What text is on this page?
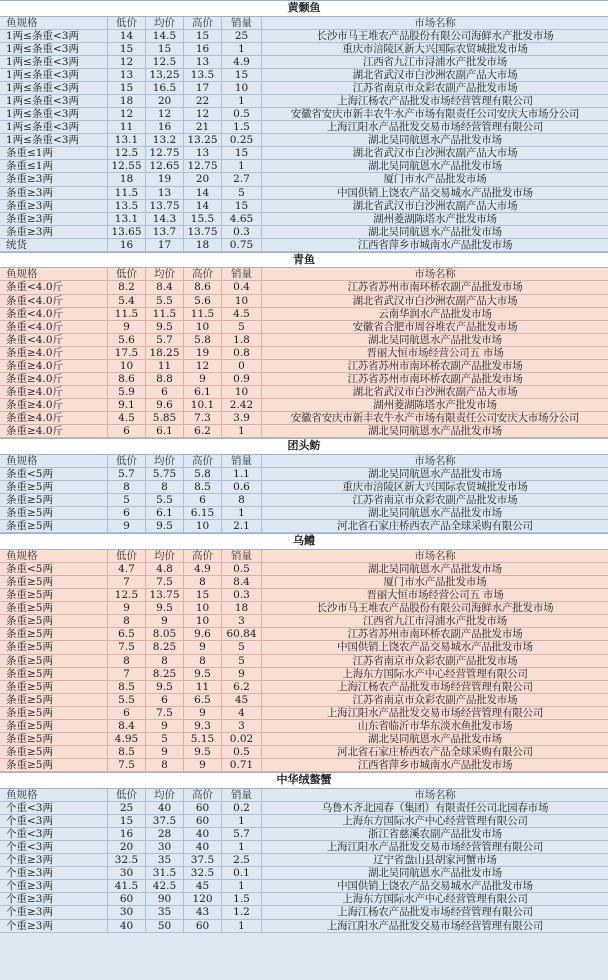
黄颡鱼
鱼规格	低价	均价	高价	销量	市场名称
1两≤条重<3两	14	14.5	15	25	长沙市马王堆农产品股份有限公司海鲜水产批发市场
1两≤条重<3两	15	15	16	1	重庆市涪陵区新大兴国际农贸城批发市场
1两≤条重<3两	12	12.5	13	4.9	江西省九江市浔浦水产批发市场
1两≤条重<3两	13	13.25	13.5	15	湖北省武汉市白沙洲农副产品大市场
1两≤条重<3两	15	16.5	17	10	江苏省南京市众彩农副产品批发市场
1两≤条重<3两	18	20	22	1	上海江杨农产品批发市场经营管理有限公司
1两≤条重<3两	12	12	12	0.5	安徽省安庆市新丰农牛水产市场有限责任公司安庆大市场分公司
1两≤条重<3两	11	16	21	1.5	上海江阳水产品批发交易市场经营管理有限公司
1两≤条重<3两	13.1	13.2	13.25	0.25	湖北吴同航恩水产品批发市场
条重≤1两	12.5	12.75	13	15	湖北省武汉市白沙洲农副产品大市场
条重≤1两	12.55 12.65 12.75	1	湖北吴同航恩水产品批发市场
条重≥3两	18	19	20	2.7	厦门市水产品批发市场
条重≥3两	11.5	13	14	5	中国供销上饶农产品交易城水产品批发市场
条重≥3两	13.5	13.75	14	15	湖北省武汉市白沙洲农副产品大市场
条重≥3两	13.1	14.3	15.5	4.65	湖州菱湖陈塔水产批发市场
条重≥3两	13.65	13.7	13.75	0.3	湖北吴同航恩水产品批发市场
统货	16	17	18	0.75	江西省萍乡市城南水产品批发市场
青鱼
鱼规格	低价	均价	高价	销量	市场名称
条重<4.0斤	8.2	8.4	8.6	0.4	江苏省苏州市南环桥农副产品批发市场
条重<4.0斤	5.4	5.5	5.6	10	湖北省武汉市白沙洲农副产品大市场
条重<4.0斤	11.5	11.5	11.5	4.5	云南华润水产品批发市场
条重<4.0斤	9	9.5	10	5	安徽省合肥市周谷堆农产品批发市场
条重<4.0斤	5.6	5.7	5.8	1.8	湖北吴同航恩水产品批发市场
条重≥4.0斤	17.5	18.25	19	0.8	晋丽大恒市场经营公司五 市场
条重≥4.0斤	10	11	12	0	江苏省苏州市南环桥农副产品批发市场
条重≥4.0斤	8.6	8.8	9	0.9	江苏省苏州市南环桥农副产品批发市场
条重≥4.0斤	5.9	6	6.1	10	湖北省武汉市白沙洲农副产品大市场
条重≥4.0斤	9.1	9.6	10.1	2.42	湖州菱湖陈塔水产批发市场
条重≥4.0斤	4.5	5.85	7.3	3.9	安徽省安庆市新丰农牛水产市场有限责任公司安庆大市场分公司
条重≥4.0斤	6	6.1	6.2	1	湖北吴同航恩水产品批发市场
团头鲂
鱼规格	低价	均价	高价	销量	市场名称
条重<5两	5.7	5.75	5.8	1.1	湖北吴同航恩水产品批发市场
条重≥5两	8	8	8.5	0.6	重庆市涪陵区新大兴国际农贸城批发市场
条重≥5两	5	5.5	6	8	江苏省南京市众彩农副产品批发市场
条重≥5两	6	6.1	6.15	1	湖北吴同航恩水产品批发市场
条重≥5两	9	9.5	10	2.1	河北省石家庄桥西农产品全球采购有限公司
乌鳢
鱼规格	低价	均价	高价	销量	市场名称
条重<5两	4.7	4.8	4.9	0.5	湖北吴同航恩水产品批发市场
条重≥5两	7	7.5	8	8.4	厦门市水产品批发市场
条重≥5两	12.5	13.75	15	0.3	晋丽大恒市场经营公司五 市场
条重≥5两	9	9.5	10	18	长沙市马王堆农产品股份有限公司海鲜水产批发市场
条重≥5两	8	9	10	3	江西省九江市浔浦水产批发市场
条重≥5两	6.5	8.05	9.6	60.84	江苏省苏州市南环桥农副产品批发市场
条重≥5两	7.5	8.25	9	5	中国供销上饶农产品交易城水产品批发市场
条重≥5两	8	8	8	5	江苏省南京市众彩农副产品批发市场
条重≥5两	7	8.25	9.5	9	上海东方国际水产中心经营管理有限公司
条重≥5两	8.5	9.5	11	6.2	上海江杨农产品批发市场经营管理有限公司
条重≥5两	5.5	6	6.5	45	江苏省南京市众彩农副产品批发市场
条重≥5两	6	7.5	9	4	上海江阳水产品批发交易市场经营管理有限公司
条重≥5两	8.4	9	9.3	3	山东省临沂市华东淡水鱼批发市场
条重≥5两	4.95	5	5.15	0.02	湖北吴同航恩水产品批发市场
条重≥5两	8.5	9	9.5	0.5	河北省石家庄桥西农产品全球采购有限公司
条重≥5两	7.5	8	9	0.71	江西省萍乡市城南水产品批发市场
中华绒螯蟹
鱼规格	低价	均价	高价	销量	市场名称
个重<3两	25	40	60	0.2	乌鲁木齐北园春（集团）有限责任公司北园春市场
个重<3两	15	37.5	60	1	上海东方国际水产中心经营管理有限公司
个重<3两	16	28	40	5.7	浙江省慈溪农副产品批发市场
个重<3两	20	30	40	1	上海江阳水产品批发交易市场经营管理有限公司
个重≥3两	32.5	35	37.5	2.5	辽宁省盘山县胡家河蟹市场
个重≥3两	30	31.5	32.5	0.1	湖北吴同航恩水产品批发市场
个重≥3两	41.5	42.5	45	1	中国供销上饶农产品交易城水产品批发市场
个重≥3两	60	90	120	1.5	上海东方国际水产中心经营管理有限公司
个重≥3两	30	35	43	1.2	上海江杨农产品批发市场经营管理有限公司
个重≥3两	40	50	60	1	上海江阳水产品批发交易市场经营管理有限公司
